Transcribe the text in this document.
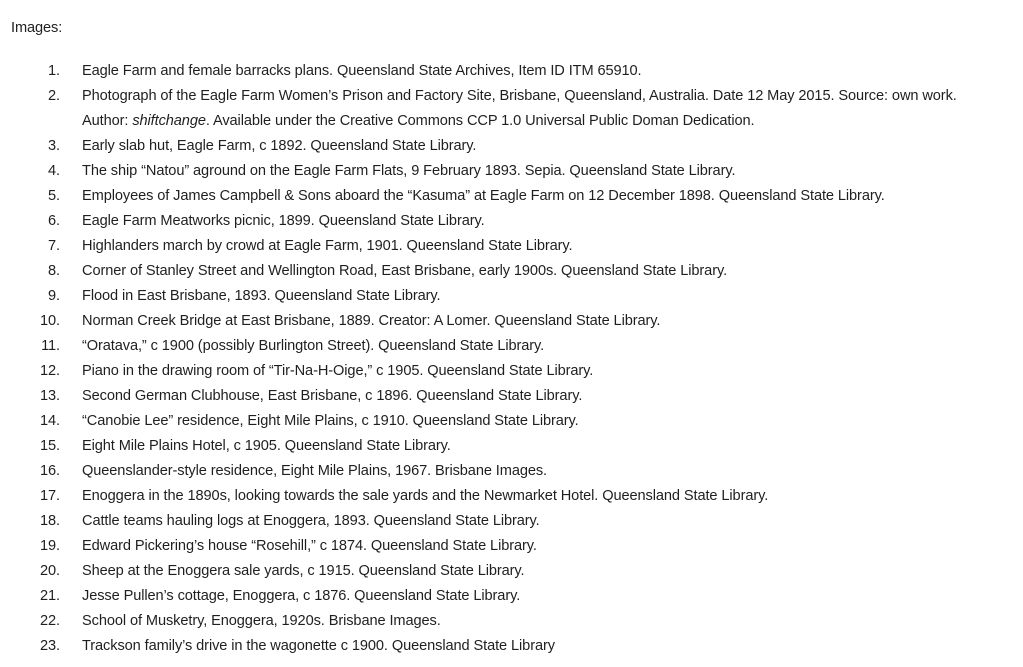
Images:
1. Eagle Farm and female barracks plans. Queensland State Archives, Item ID ITM 65910.
2. Photograph of the Eagle Farm Women’s Prison and Factory Site, Brisbane, Queensland, Australia. Date 12 May 2015. Source: own work. Author: shiftchange. Available under the Creative Commons CCP 1.0 Universal Public Doman Dedication.
3. Early slab hut, Eagle Farm, c 1892. Queensland State Library.
4. The ship “Natou” aground on the Eagle Farm Flats, 9 February 1893. Sepia. Queensland State Library.
5. Employees of James Campbell & Sons aboard the “Kasuma” at Eagle Farm on 12 December 1898. Queensland State Library.
6. Eagle Farm Meatworks picnic, 1899. Queensland State Library.
7. Highlanders march by crowd at Eagle Farm, 1901. Queensland State Library.
8. Corner of Stanley Street and Wellington Road, East Brisbane, early 1900s. Queensland State Library.
9. Flood in East Brisbane, 1893. Queensland State Library.
10. Norman Creek Bridge at East Brisbane, 1889. Creator: A Lomer. Queensland State Library.
11. “Oratava,” c 1900 (possibly Burlington Street). Queensland State Library.
12. Piano in the drawing room of “Tir-Na-H-Oige,” c 1905. Queensland State Library.
13. Second German Clubhouse, East Brisbane, c 1896. Queensland State Library.
14. “Canobie Lee” residence, Eight Mile Plains, c 1910. Queensland State Library.
15. Eight Mile Plains Hotel, c 1905. Queensland State Library.
16. Queenslander-style residence, Eight Mile Plains, 1967. Brisbane Images.
17. Enoggera in the 1890s, looking towards the sale yards and the Newmarket Hotel. Queensland State Library.
18. Cattle teams hauling logs at Enoggera, 1893. Queensland State Library.
19. Edward Pickering’s house “Rosehill,” c 1874. Queensland State Library.
20. Sheep at the Enoggera sale yards, c 1915. Queensland State Library.
21. Jesse Pullen’s cottage, Enoggera, c 1876. Queensland State Library.
22. School of Musketry, Enoggera, 1920s. Brisbane Images.
23. Trackson family’s drive in the wagonette c 1900. Queensland State Library
